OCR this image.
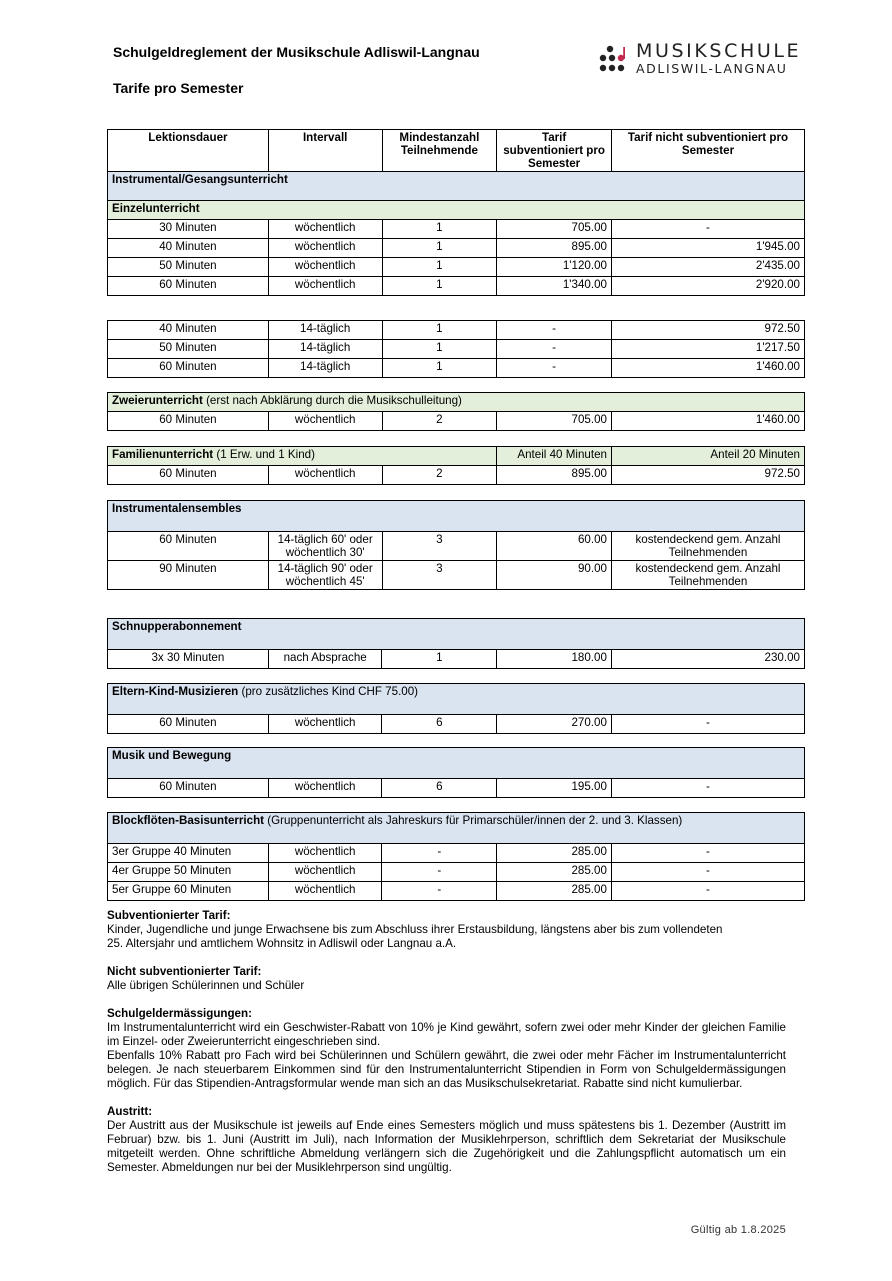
Schulgeldreglement der Musikschule Adliswil-Langnau
Tarife pro Semester
MUSIKSCHULE
ADLISWIL-LANGNAU
Lektionsdauer	Intervall	Mindestanzahl Teilnehmende	Tarif subventioniert pro Semester	Tarif nicht subventioniert pro Semester
Instrumental/Gesangsunterricht				
Einzelunterricht				
30 Minuten	wöchentlich	1	705.00	-
40 Minuten	wöchentlich	1	895.00	1'945.00
50 Minuten	wöchentlich	1	1'120.00	2'435.00
60 Minuten	wöchentlich	1	1'340.00	2'920.00
40 Minuten	14-täglich	1	-	972.50
50 Minuten	14-täglich	1	-	1'217.50
60 Minuten	14-täglich	1	-	1'460.00
Zweierunterricht (erst nach Abklärung durch die Musikschulleitung)
60 Minuten	wöchentlich	2	705.00	1'460.00
Familienunterricht (1 Erw. und 1 Kind)			Anteil 40 Minuten	Anteil 20 Minuten
60 Minuten	wöchentlich	2	895.00	972.50
Instrumentalensembles				
60 Minuten	14-täglich 60' oder wöchentlich 30'	3	60.00	kostendeckend gem. Anzahl Teilnehmenden
90 Minuten	14-täglich 90' oder wöchentlich 45'	3	90.00	kostendeckend gem. Anzahl Teilnehmenden
Schnupperabonnement
3x 30 Minuten	nach Absprache	1	180.00	230.00
Eltern-Kind-Musizieren (pro zusätzliches Kind CHF 75.00)
60 Minuten	wöchentlich	6	270.00	-
Musik und Bewegung
60 Minuten	wöchentlich	6	195.00	-
Blockflöten-Basisunterricht (Gruppenunterricht als Jahreskurs für Primarschüler/innen der 2. und 3. Klassen)				
3er Gruppe 40 Minuten	wöchentlich	-	285.00	-
4er Gruppe 50 Minuten	wöchentlich	-	285.00	-
5er Gruppe 60 Minuten	wöchentlich	-	285.00	-

Subventionierter Tarif:

Kinder, Jugendliche und junge Erwachsene bis zum Abschluss ihrer Erstausbildung, längstens aber bis zum vollendeten

25. Altersjahr und amtlichem Wohnsitz in Adliswil oder Langnau a.A.

Nicht subventionierter Tarif:

Alle übrigen Schülerinnen und Schüler

Schulgeldermässigungen:

Im Instrumentalunterricht wird ein Geschwister-Rabatt von 10% je Kind gewährt, sofern zwei oder mehr Kinder der gleichen Familie im Einzel- oder Zweierunterricht eingeschrieben sind.

Ebenfalls 10% Rabatt pro Fach wird bei Schülerinnen und Schülern gewährt, die zwei oder mehr Fächer im Instrumentalunterricht belegen. Je nach steuerbarem Einkommen sind für den Instrumentalunterricht Stipendien in Form von Schulgeldermässigungen möglich. Für das Stipendien-Antragsformular wende man sich an das Musikschulsekretariat. Rabatte sind nicht kumulierbar.

Austritt:

Der Austritt aus der Musikschule ist jeweils auf Ende eines Semesters möglich und muss spätestens bis 1. Dezember (Austritt im Februar) bzw. bis 1. Juni (Austritt im Juli), nach Information der Musiklehrperson, schriftlich dem Sekretariat der Musikschule mitgeteilt werden. Ohne schriftliche Abmeldung verlängern sich die Zugehörigkeit und die Zahlungspflicht automatisch um ein Semester. Abmeldungen nur bei der Musiklehrperson sind ungültig.

Gültig ab 1.8.2025
